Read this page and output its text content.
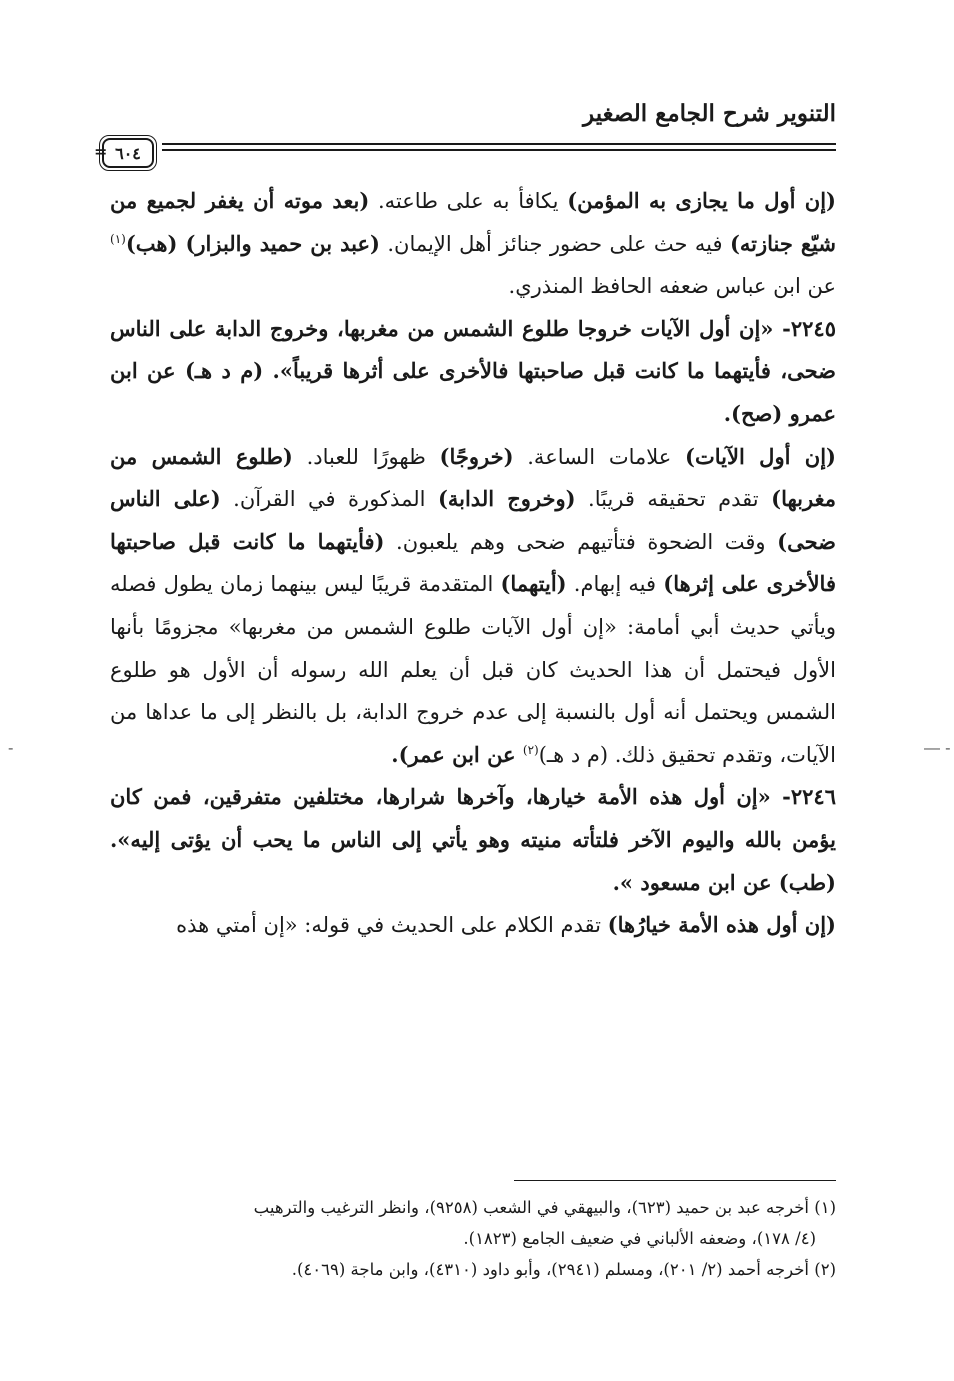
التنوير شرح الجامع الصغير
٦٠٤
=

(إن أول ما يجازى به المؤمن) يكافأ به على طاعته. (بعد موته أن يغفر لجميع من شيّع جنازته) فيه حث على حضور جنائز أهل الإيمان. (عبد بن حميد والبزار) (هب)$^{(١)}$ عن ابن عباس ضعفه الحافظ المنذري.

٢٢٤٥- «إن أول الآيات خروجا طلوع الشمس من مغربها، وخروج الدابة على الناس ضحى، فأيتهما ما كانت قبل صاحبتها فالأخرى على أثرها قريباً». (م د هـ) عن ابن عمرو (صح).

(إن أول الآيات) علامات الساعة. (خروجًا) ظهورًا للعباد. (طلوع الشمس من مغربها) تقدم تحقيقه قريبًا. (وخروج الدابة) المذكورة في القرآن. (على الناس ضحى) وقت الضحوة فتأتيهم ضحى وهم يلعبون. (فأيتهما ما كانت قبل صاحبتها فالأخرى على إثرها) فيه إبهام. (أيتهما) المتقدمة قريبًا ليس بينهما زمان يطول فصله ويأتي حديث أبي أمامة: «إن أول الآيات طلوع الشمس من مغربها» مجزومًا بأنها الأول فيحتمل أن هذا الحديث كان قبل أن يعلم الله رسوله أن الأول هو طلوع الشمس ويحتمل أنه أول بالنسبة إلى عدم خروج الدابة، بل بالنظر إلى ما عداها من الآيات، وتقدم تحقيق ذلك. (م د هـ)$^{(٢)}$ عن ابن عمر).

٢٢٤٦- «إن أول هذه الأمة خيارها، وآخرها شرارها، مختلفين متفرقين، فمن كان يؤمن بالله واليوم الآخر فلتأته منيته وهو يأتي إلى الناس ما يحب أن يؤتى إليه». (طب) عن ابن مسعود ».

(إن أول هذه الأمة خيارُها) تقدم الكلام على الحديث في قوله: «إن أمتي هذه

(١) أخرجه عبد بن حميد (٦٢٣)، والبيهقي في الشعب (٩٢٥٨)، وانظر الترغيب والترهيب

(٤/ ١٧٨)، وضعفه الألباني في ضعيف الجامع (١٨٢٣).

(٢) أخرجه أحمد (٢/ ٢٠١)، ومسلم (٢٩٤١)، وأبو داود (٤٣١٠)، وابن ماجة (٤٠٦٩).

- ―
-
